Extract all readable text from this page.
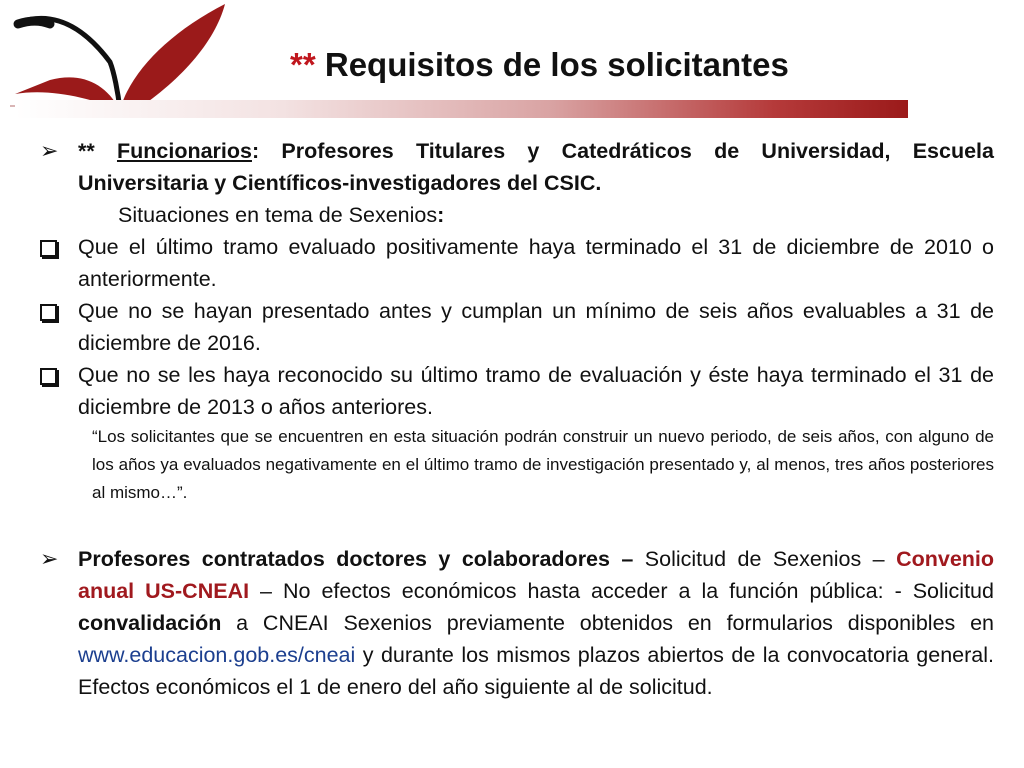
** Requisitos de los solicitantes
➢ ** Funcionarios: Profesores Titulares y Catedráticos de Universidad, Escuela Universitaria y Científicos-investigadores del CSIC.
Situaciones en tema de Sexenios:
Que el último tramo evaluado positivamente haya terminado el 31 de diciembre de 2010 o anteriormente.
Que no se hayan presentado antes y cumplan un mínimo de seis años evaluables a 31 de diciembre de 2016.
Que no se les haya reconocido su último tramo de evaluación y éste haya terminado el 31 de diciembre de 2013 o años anteriores.
“Los solicitantes que se encuentren en esta situación podrán construir un nuevo periodo, de seis años, con alguno de los años ya evaluados negativamente en el último tramo de investigación presentado y, al menos, tres años posteriores al mismo…”.
➢ Profesores contratados doctores y colaboradores – Solicitud de Sexenios – Convenio anual US-CNEAI – No efectos económicos hasta acceder a la función pública: - Solicitud convalidación a CNEAI Sexenios previamente obtenidos en formularios disponibles en www.educacion.gob.es/cneai y durante los mismos plazos abiertos de la convocatoria general. Efectos económicos el 1 de enero del año siguiente al de solicitud.
